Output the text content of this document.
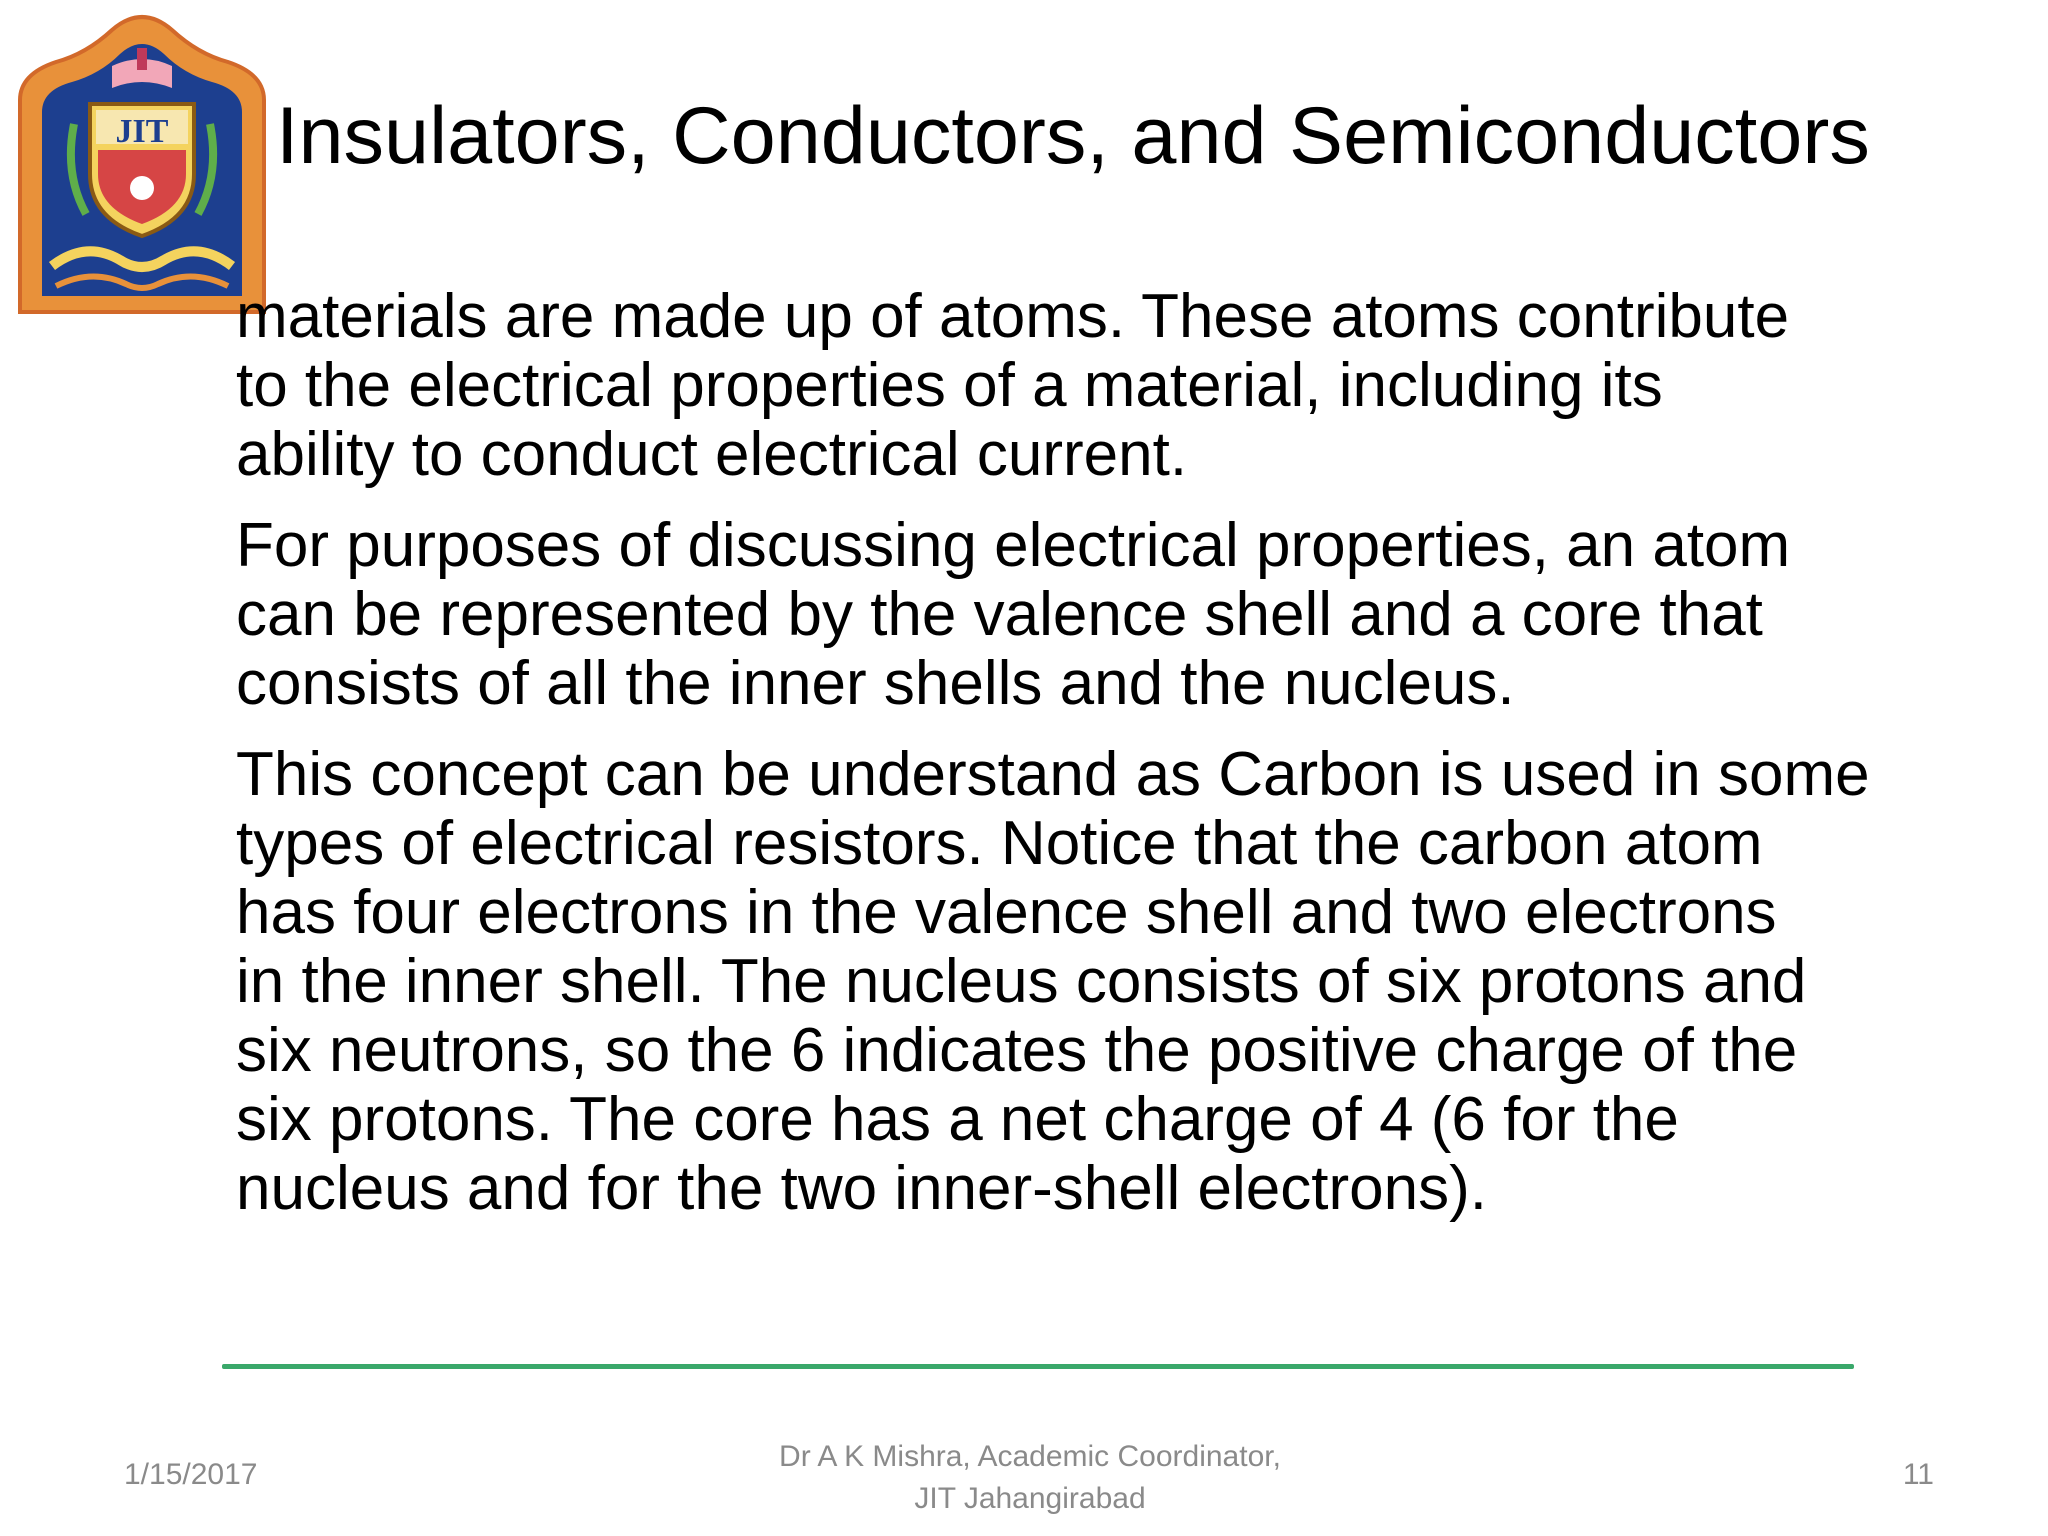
JIT Insulators, Conductors, and Semiconductors

materials are made up of atoms. These atoms contribute
to the electrical properties of a material, including its
ability to conduct electrical current.

For purposes of discussing electrical properties, an atom
can be represented by the valence shell and a core that
consists of all the inner shells and the nucleus.

This concept can be understand as Carbon is used in some
types of electrical resistors. Notice that the carbon atom
has four electrons in the valence shell and two electrons
in the inner shell. The nucleus consists of six protons and
six neutrons, so the 6 indicates the positive charge of the
six protons. The core has a net charge of 4 (6 for the
nucleus and for the two inner-shell electrons).

1/15/2017
Dr A K Mishra, Academic Coordinator,
JIT Jahangirabad
11
